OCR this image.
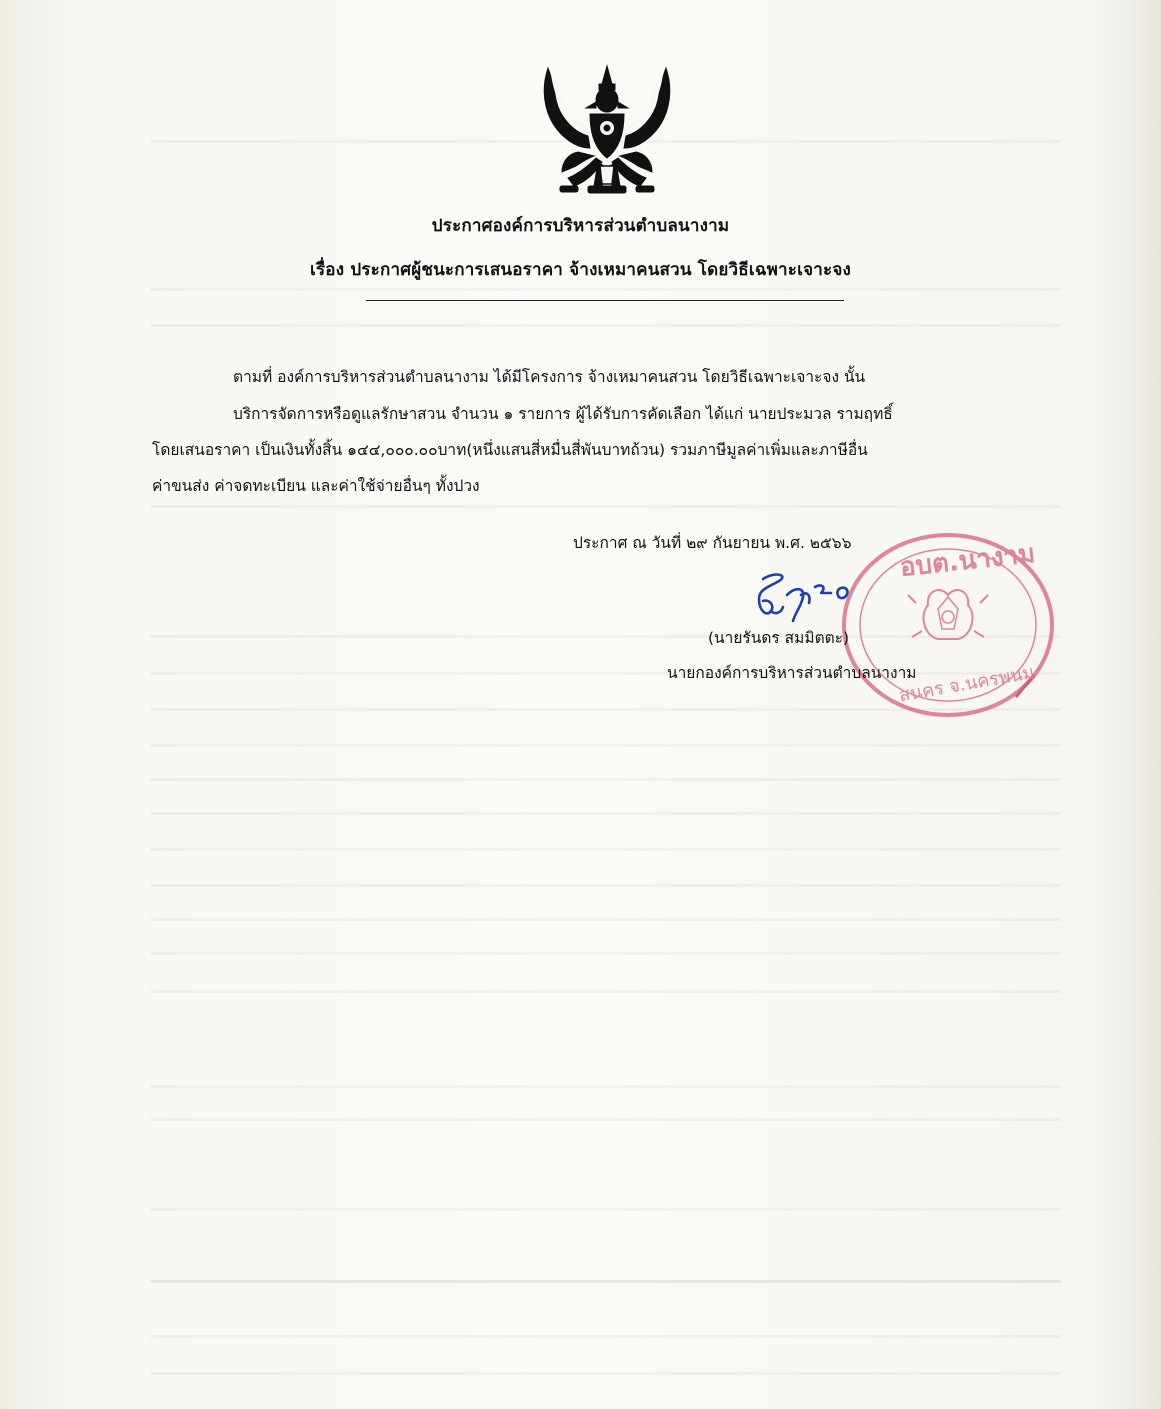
ประกาศองค์การบริหารส่วนตำบลนางาม
เรื่อง ประกาศผู้ชนะการเสนอราคา จ้างเหมาคนสวน โดยวิธีเฉพาะเจาะจง
ตามที่ องค์การบริหารส่วนตำบลนางาม ได้มีโครงการ จ้างเหมาคนสวน โดยวิธีเฉพาะเจาะจง นั้น
บริการจัดการหรือดูแลรักษาสวน จำนวน ๑ รายการ ผู้ได้รับการคัดเลือก ได้แก่ นายประมวล รามฤทธิ์
โดยเสนอราคา เป็นเงินทั้งสิ้น ๑๔๔,๐๐๐.๐๐บาท(หนึ่งแสนสี่หมื่นสี่พันบาทถ้วน) รวมภาษีมูลค่าเพิ่มและภาษีอื่น
ค่าขนส่ง ค่าจดทะเบียน และค่าใช้จ่ายอื่นๆ ทั้งปวง
ประกาศ ณ วันที่ ๒๙ กันยายน พ.ศ. ๒๕๖๖ อบต.นางาม
สนคร จ.นครพนม
(นายรันดร สมมิตตะ)
นายกองค์การบริหารส่วนตำบลนางาม
